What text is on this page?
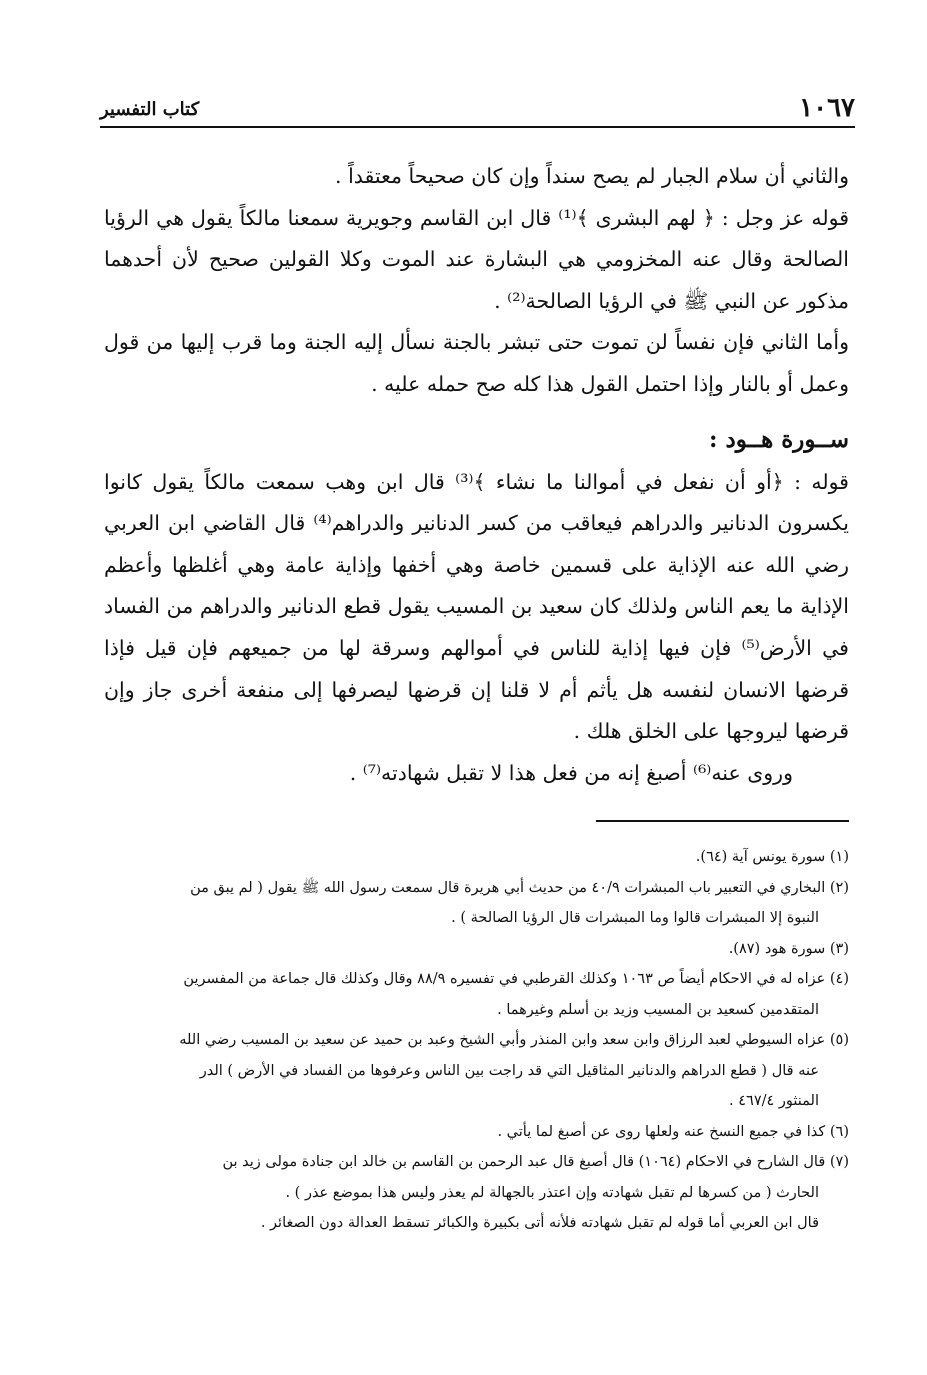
١٠٦٧
كتاب التفسير

والثاني أن سلام الجبار لم يصح سنداً وإن كان صحيحاً معتقداً .

قوله عز وجل : ﴿ لهم البشرى ﴾⁽¹⁾ قال ابن القاسم وجويرية سمعنا مالكاً يقول هي الرؤيا الصالحة وقال عنه المخزومي هي البشارة عند الموت وكلا القولين صحيح لأن أحدهما مذكور عن النبي ﷺ في الرؤيا الصالحة⁽²⁾ .

وأما الثاني فإن نفساً لن تموت حتى تبشر بالجنة نسأل إليه الجنة وما قرب إليها من قول وعمل أو بالنار وإذا احتمل القول هذا كله صح حمله عليه .

ســورة هــود :

قوله : ﴿أو أن نفعل في أموالنا ما نشاء ﴾⁽³⁾ قال ابن وهب سمعت مالكاً يقول كانوا يكسرون الدنانير والدراهم فيعاقب من كسر الدنانير والدراهم⁽⁴⁾ قال القاضي ابن العربي رضي الله عنه الإذاية على قسمين خاصة وهي أخفها وإذاية عامة وهي أغلظها وأعظم الإذاية ما يعم الناس ولذلك كان سعيد بن المسيب يقول قطع الدنانير والدراهم من الفساد في الأرض⁽⁵⁾ فإن فيها إذاية للناس في أموالهم وسرقة لها من جميعهم فإن قيل فإذا قرضها الانسان لنفسه هل يأثم أم لا قلنا إن قرضها ليصرفها إلى منفعة أخرى جاز وإن قرضها ليروجها على الخلق هلك .

وروى عنه⁽⁶⁾ أصبغ إنه من فعل هذا لا تقبل شهادته⁽⁷⁾ .

(١) سورة يونس آية (٦٤).

(٢) البخاري في التعبير باب المبشرات ٤٠/٩ من حديث أبي هريرة قال سمعت رسول الله ﷺ يقول ( لم يبق من

النبوة إلا المبشرات قالوا وما المبشرات قال الرؤيا الصالحة ) .

(٣) سورة هود (٨٧).

(٤) عزاه له في الاحكام أيضاً ص ١٠٦٣ وكذلك القرطبي في تفسيره ٨٨/٩ وقال وكذلك قال جماعة من المفسرين

المتقدمين كسعيد بن المسيب وزيد بن أسلم وغيرهما .

(٥) عزاه السيوطي لعبد الرزاق وابن سعد وابن المنذر وأبي الشيخ وعبد بن حميد عن سعيد بن المسيب رضي الله

عنه قال ( قطع الدراهم والدنانير المثاقيل التي قد راجت بين الناس وعرفوها من الفساد في الأرض ) الدر

المنثور ٤٦٧/٤ .

(٦) كذا في جميع النسخ عنه ولعلها روى عن أصبغ لما يأتي .

(٧) قال الشارح في الاحكام (١٠٦٤) قال أصبغ قال عبد الرحمن بن القاسم بن خالد ابن جنادة مولى زيد بن

الحارث ( من كسرها لم تقبل شهادته وإن اعتذر بالجهالة لم يعذر وليس هذا بموضع عذر ) .

قال ابن العربي أما قوله لم تقبل شهادته فلأنه أتى بكبيرة والكبائر تسقط العدالة دون الصغائر .
